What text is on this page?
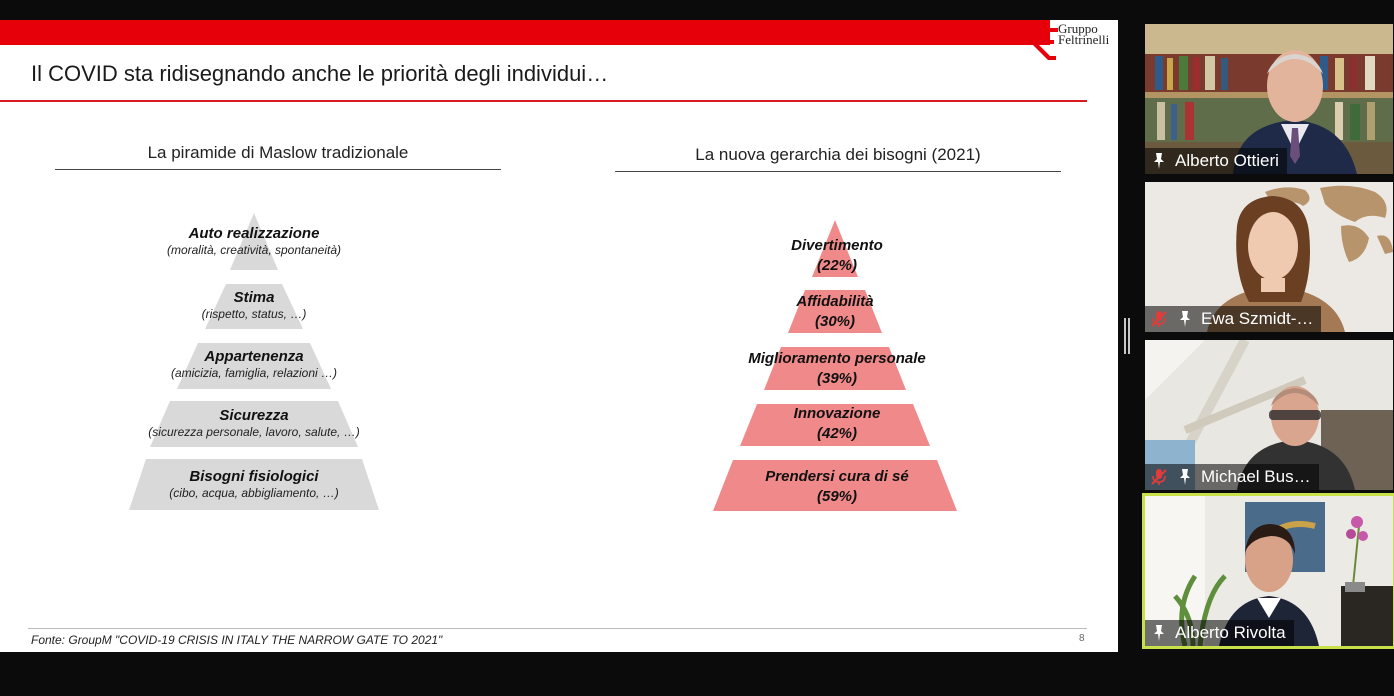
Gruppo
Feltrinelli
Il COVID sta ridisegnando anche le priorità degli individui…
La piramide di Maslow tradizionale	La nuova gerarchia dei bisogni (2021)
Auto realizzazione
(moralità, creatività, spontaneità)
Stima
(rispetto, status, …)
Appartenenza
(amicizia, famiglia, relazioni …)
Sicurezza
(sicurezza personale, lavoro, salute, …)
Bisogni fisiologici
(cibo, acqua, abbigliamento, …)
Divertimento
(22%)
Affidabilità
(30%)
Miglioramento personale
(39%)
Innovazione
(42%)
Prendersi cura di sé
(59%)
Fonte: GroupM "COVID-19 CRISIS IN ITALY THE NARROW GATE TO 2021"	8
Alberto Ottieri
Ewa Szmidt-…
Michael Bus…
Alberto Rivolta
